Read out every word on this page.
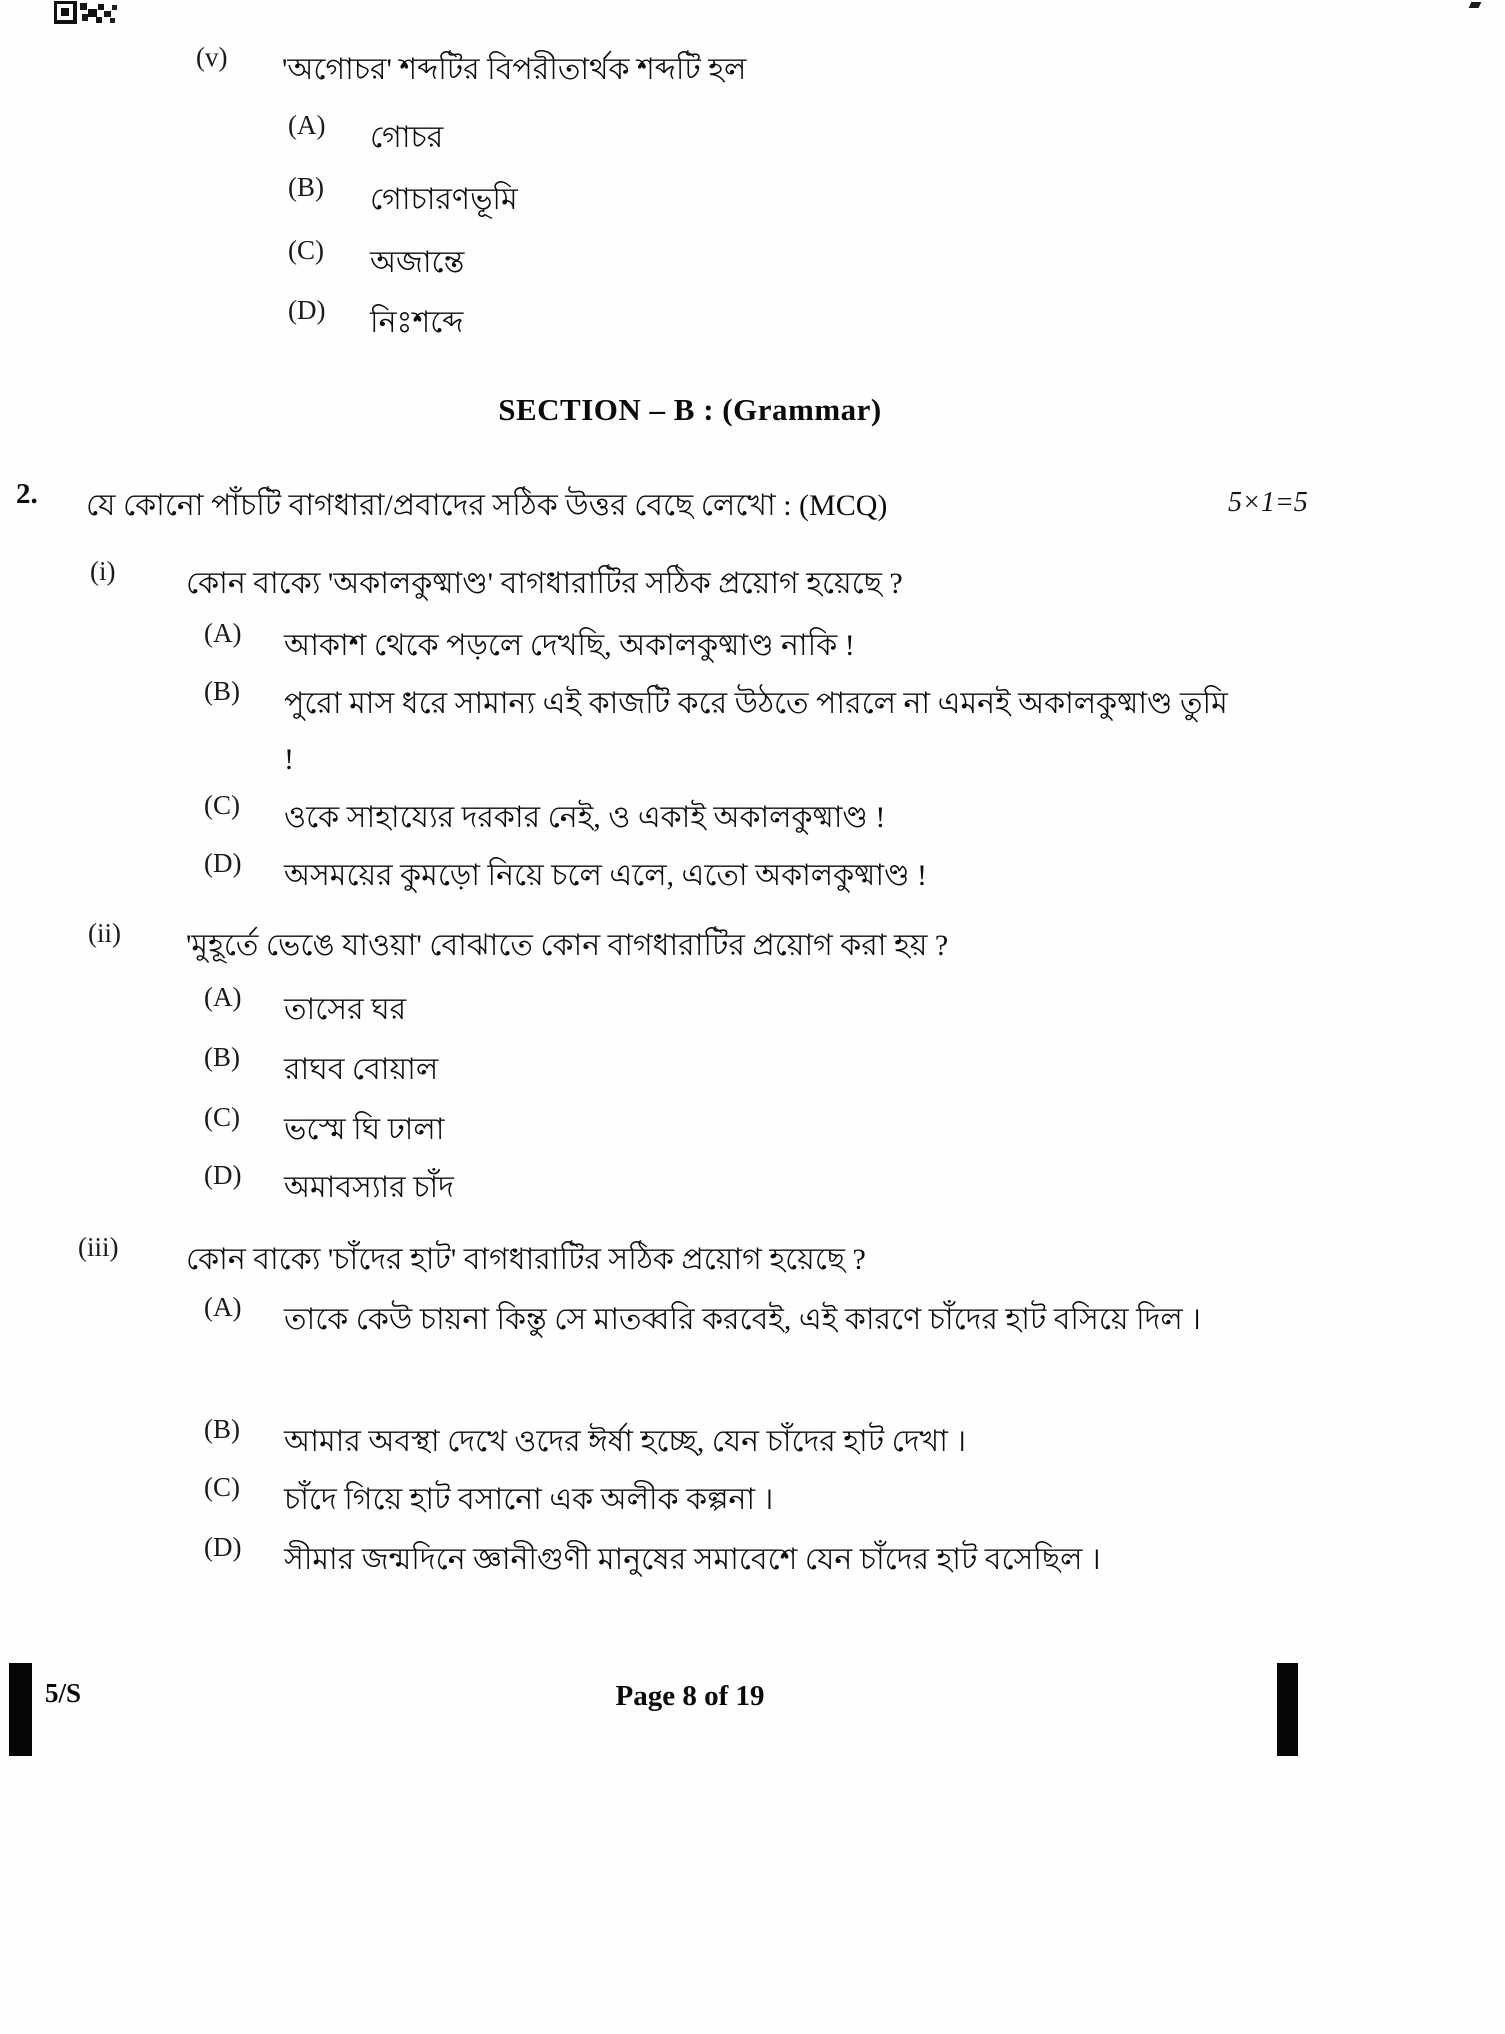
(v)	'অগোচর' শব্দটির বিপরীতার্থক শব্দটি হল
(A)	গোচর
(B)	গোচারণভূমি
(C)	অজান্তে
(D)	নিঃশব্দে
SECTION – B : (Grammar)
2.	যে কোনো পাঁচটি বাগধারা/প্রবাদের সঠিক উত্তর বেছে লেখো : (MCQ)	5×1=5
(i)	কোন বাক্যে 'অকালকুষ্মাণ্ড' বাগধারাটির সঠিক প্রয়োগ হয়েছে ?
(A)	আকাশ থেকে পড়লে দেখছি, অকালকুষ্মাণ্ড নাকি !
(B)	পুরো মাস ধরে সামান্য এই কাজটি করে উঠতে পারলে না এমনই অকালকুষ্মাণ্ড তুমি !
(C)	ওকে সাহায্যের দরকার নেই, ও একাই অকালকুষ্মাণ্ড !
(D)	অসময়ের কুমড়ো নিয়ে চলে এলে, এতো অকালকুষ্মাণ্ড !
(ii)	'মুহূর্তে ভেঙে যাওয়া' বোঝাতে কোন বাগধারাটির প্রয়োগ করা হয় ?
(A)	তাসের ঘর
(B)	রাঘব বোয়াল
(C)	ভস্মে ঘি ঢালা
(D)	অমাবস্যার চাঁদ
(iii)	কোন বাক্যে 'চাঁদের হাট' বাগধারাটির সঠিক প্রয়োগ হয়েছে ?
(A)	তাকে কেউ চায়না কিন্তু সে মাতব্বরি করবেই, এই কারণে চাঁদের হাট বসিয়ে দিল ।
(B)	আমার অবস্থা দেখে ওদের ঈর্ষা হচ্ছে, যেন চাঁদের হাট দেখা ।
(C)	চাঁদে গিয়ে হাট বসানো এক অলীক কল্পনা ।
(D)	সীমার জন্মদিনে জ্ঞানীগুণী মানুষের সমাবেশে যেন চাঁদের হাট বসেছিল ।
5/S	Page 8 of 19
